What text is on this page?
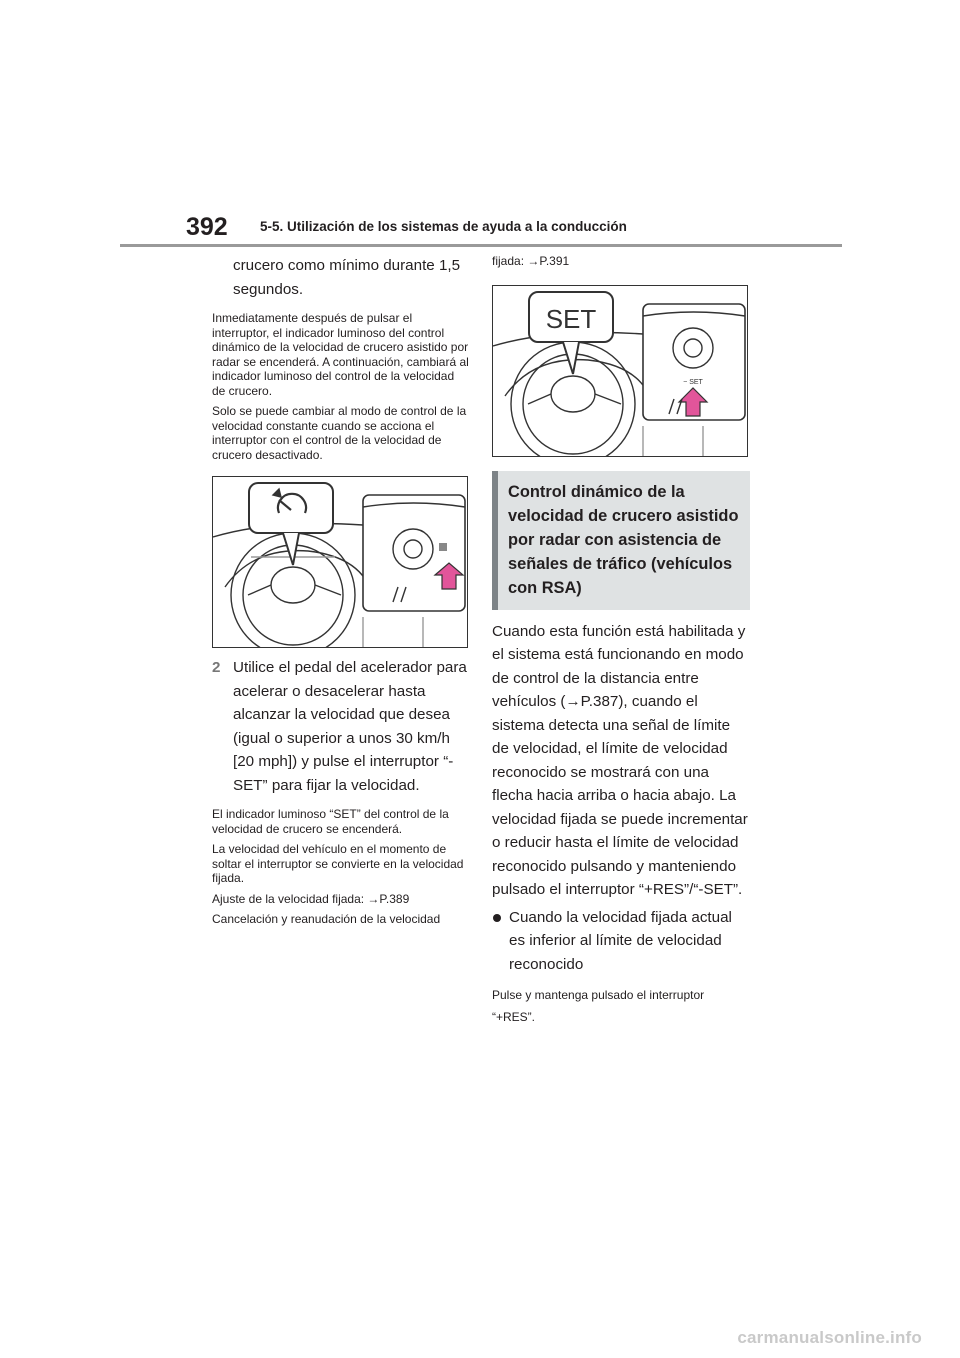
392 5-5. Utilización de los sistemas de ayuda a la conducción

crucero como mínimo durante 1,5 segundos.

Inmediatamente después de pulsar el interruptor, el indicador luminoso del control dinámico de la velocidad de crucero asistido por radar se encenderá. A continuación, cambiará al indicador luminoso del control de la velocidad de crucero.

Solo se puede cambiar al modo de control de la velocidad constante cuando se acciona el interruptor con el control de la velocidad de crucero desactivado.

2 Utilice el pedal del acelerador para acelerar o desacelerar hasta alcanzar la velocidad que desea (igual o superior a unos 30 km/h [20 mph]) y pulse el interruptor “-SET” para fijar la velocidad.

El indicador luminoso “SET” del control de la velocidad de crucero se encenderá.

La velocidad del vehículo en el momento de soltar el interruptor se convierte en la velocidad fijada.

Ajuste de la velocidad fijada: →P.389

Cancelación y reanudación de la velocidad

fijada: →P.391

SET
− SET
Control dinámico de la velocidad de crucero asistido por radar con asistencia de señales de tráfico (vehículos con RSA)

Cuando esta función está habilitada y el sistema está funcionando en modo de control de la distancia entre vehículos (→P.387), cuando el sistema detecta una señal de límite de velocidad, el límite de velocidad reconocido se mostrará con una flecha hacia arriba o hacia abajo. La velocidad fijada se puede incrementar o reducir hasta el límite de velocidad reconocido pulsando y manteniendo pulsado el interruptor “+RES”/“-SET”.

Cuando la velocidad fijada actual es inferior al límite de velocidad reconocido

Pulse y mantenga pulsado el interruptor “+RES”.

carmanualsonline.info
